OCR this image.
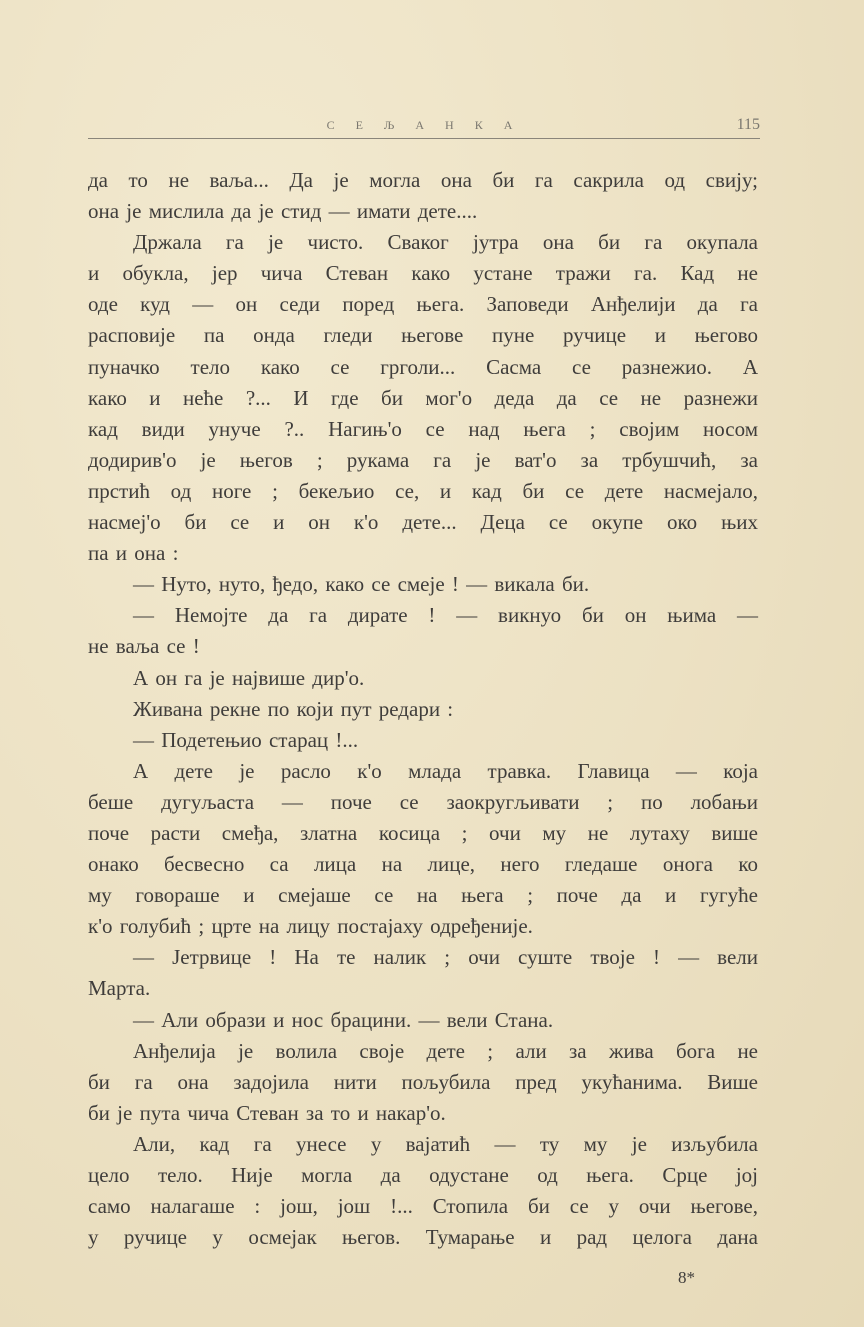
С Е Љ А Н К А	115
да то не ваља... Да је могла она би га сакрила од свију;
она је мислила да је стид — имати дете....
Држала га је чисто. Сваког јутра она би га окупала
и обукла, јер чича Стеван како устане тражи га. Кад не
оде куд — он седи поред њега. Заповеди Анђелији да га
расповије па онда гледи његове пуне ручице и његово
пуначко тело како се грголи... Сасма се разнежио. А
како и неће ?... И где би мог'о деда да се не разнежи
кад види унуче ?.. Нагињ'о се над њега ; својим носом
додирив'о је његов ; рукама га је ват'о за трбушчић, за
прстић од ноге ; бекељио се, и кад би се дете насмејало,
насмеј'о би се и он к'о дете... Деца се окупе око њих
па и она :
— Нуто, нуто, ђедо, како се смеје ! — викала би.
— Немојте да га дирате ! — викнуо би он њима —
не ваља се !
А он га је највише дир'о.
Живана рекне по који пут редари :
— Подетењио старац !...
А дете је расло к'о млада травка. Главица — која
беше дугуљаста — поче се заокругљивати ; по лобањи
поче расти смеђа, златна косица ; очи му не лутаху више
онако бесвесно са лица на лице, него гледаше онога ко
му говораше и смејаше се на њега ; поче да и гугуће
к'о голубић ; црте на лицу постајаху одређеније.
— Јетрвице ! На те налик ; очи суште твоје ! — вели
Марта.
— Али образи и нос брацини. — вели Стана.
Анђелија је волила своје дете ; али за жива бога не
би га она задојила нити пољубила пред укућанима. Више
би је пута чича Стеван за то и накар'о.
Али, кад га унесе у вајатић — ту му је изљубила
цело тело. Није могла да одустане од њега. Срце јој
само налагаше : још, још !... Стопила би се у очи његове,
у ручице у осмејак његов. Тумарање и рад целога дана
8*
